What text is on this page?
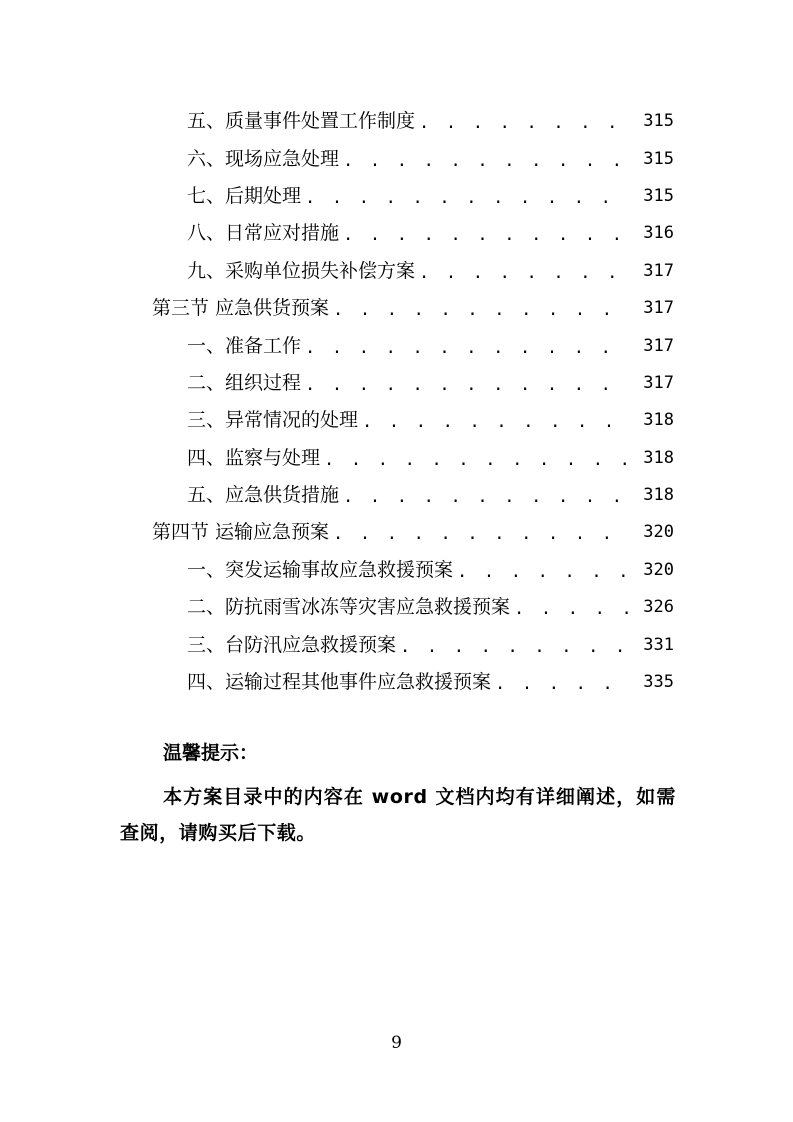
五、质量事件处置工作制度 . . .	315
六、现场应急处理 . . .	315
七、后期处理 . . .	315
八、日常应对措施 . . .	316
九、采购单位损失补偿方案 . . .	317
第三节 应急供货预案 . . .	317
一、准备工作 . . .	317
二、组织过程 . . .	317
三、异常情况的处理 . . .	318
四、监察与处理 . . .	318
五、应急供货措施 . . .	318
第四节 运输应急预案 . . .	320
一、突发运输事故应急救援预案 . . .	320
二、防抗雨雪冰冻等灾害应急救援预案 . . .	326
三、台防汛应急救援预案 . . .	331
四、运输过程其他事件应急救援预案 . . .	335
温馨提示：
本方案目录中的内容在 word 文档内均有详细阐述，如需查阅，请购买后下载。
9
